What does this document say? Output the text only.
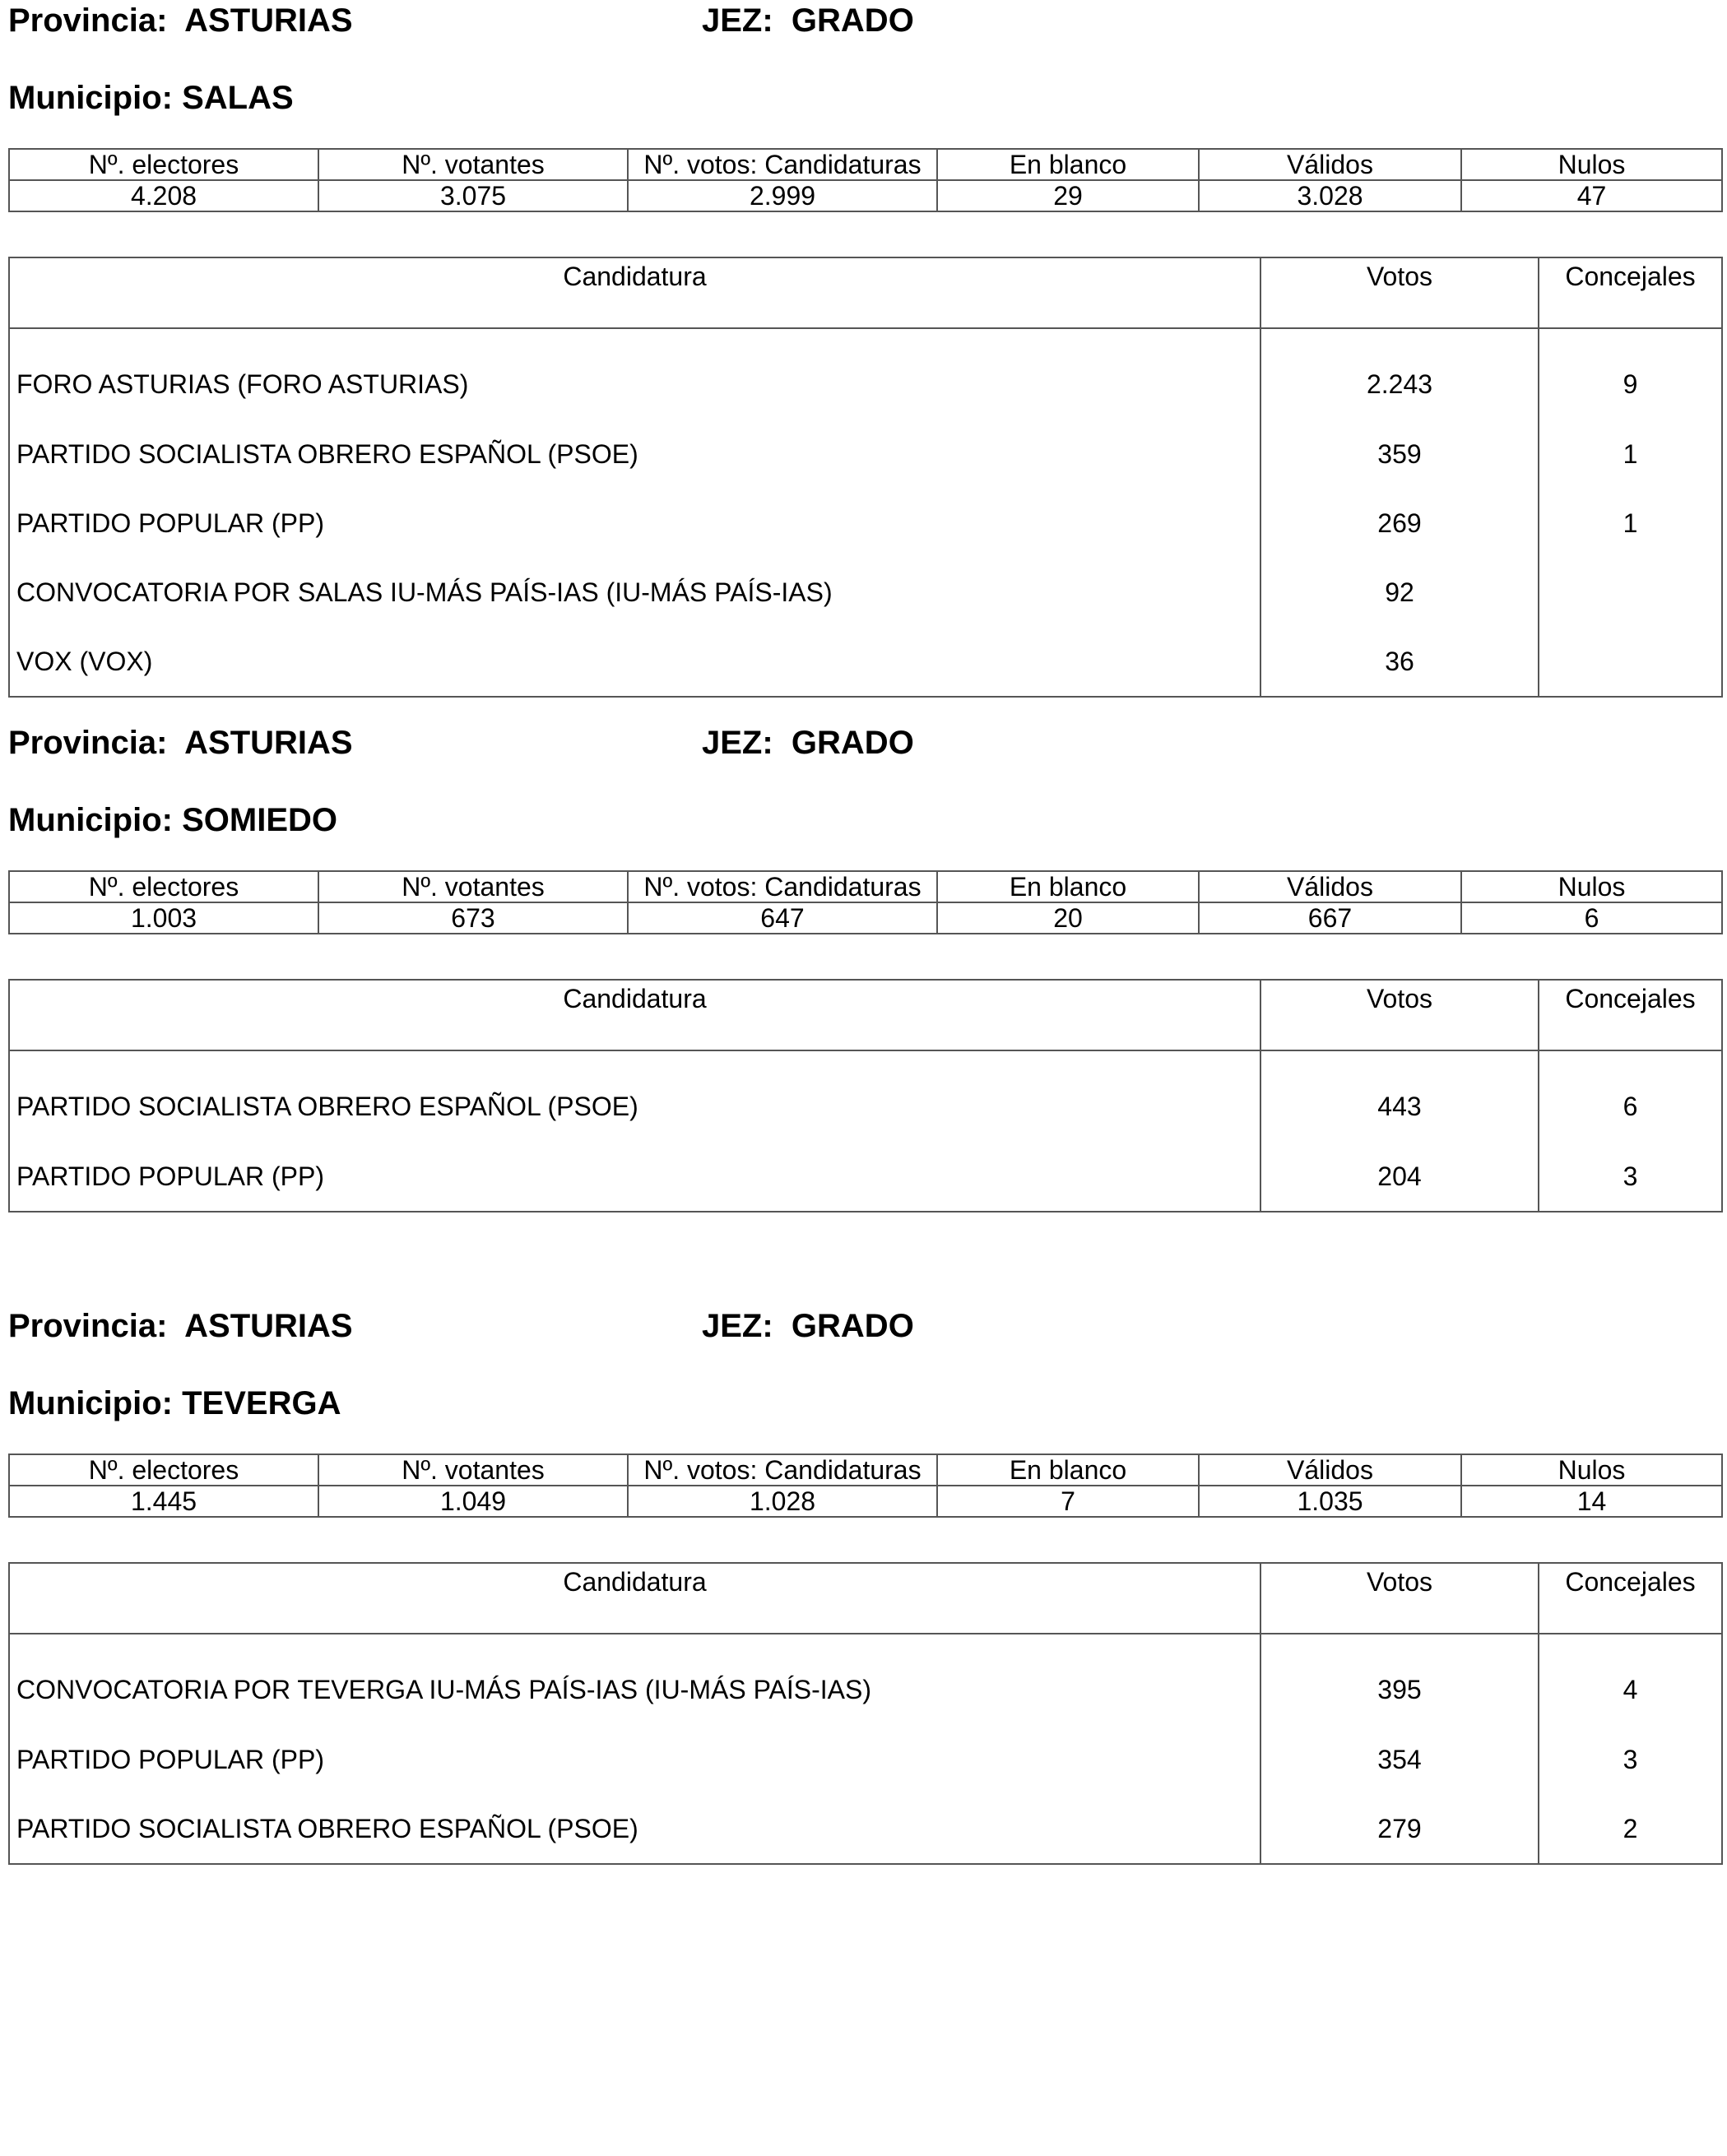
Provincia: ASTURIAS	JEZ: GRADO
Municipio: SALAS
Nº. electores	Nº. votantes	Nº. votos: Candidaturas	En blanco	Válidos	Nulos
4.208	3.075	2.999	29	3.028	47
Candidatura	Votos	Concejales
FORO ASTURIAS (FORO ASTURIAS)	2.243	9
PARTIDO SOCIALISTA OBRERO ESPAÑOL (PSOE)	359	1
PARTIDO POPULAR (PP)	269	1
CONVOCATORIA POR SALAS IU-MÁS PAÍS-IAS (IU-MÁS PAÍS-IAS)	92	
VOX (VOX)	36	
Provincia: ASTURIAS	JEZ: GRADO
Municipio: SOMIEDO
Nº. electores	Nº. votantes	Nº. votos: Candidaturas	En blanco	Válidos	Nulos
1.003	673	647	20	667	6
Candidatura	Votos	Concejales
PARTIDO SOCIALISTA OBRERO ESPAÑOL (PSOE)	443	6
PARTIDO POPULAR (PP)	204	3
Provincia: ASTURIAS	JEZ: GRADO
Municipio: TEVERGA
Nº. electores	Nº. votantes	Nº. votos: Candidaturas	En blanco	Válidos	Nulos
1.445	1.049	1.028	7	1.035	14
Candidatura	Votos	Concejales
CONVOCATORIA POR TEVERGA IU-MÁS PAÍS-IAS (IU-MÁS PAÍS-IAS)	395	4
PARTIDO POPULAR (PP)	354	3
PARTIDO SOCIALISTA OBRERO ESPAÑOL (PSOE)	279	2
